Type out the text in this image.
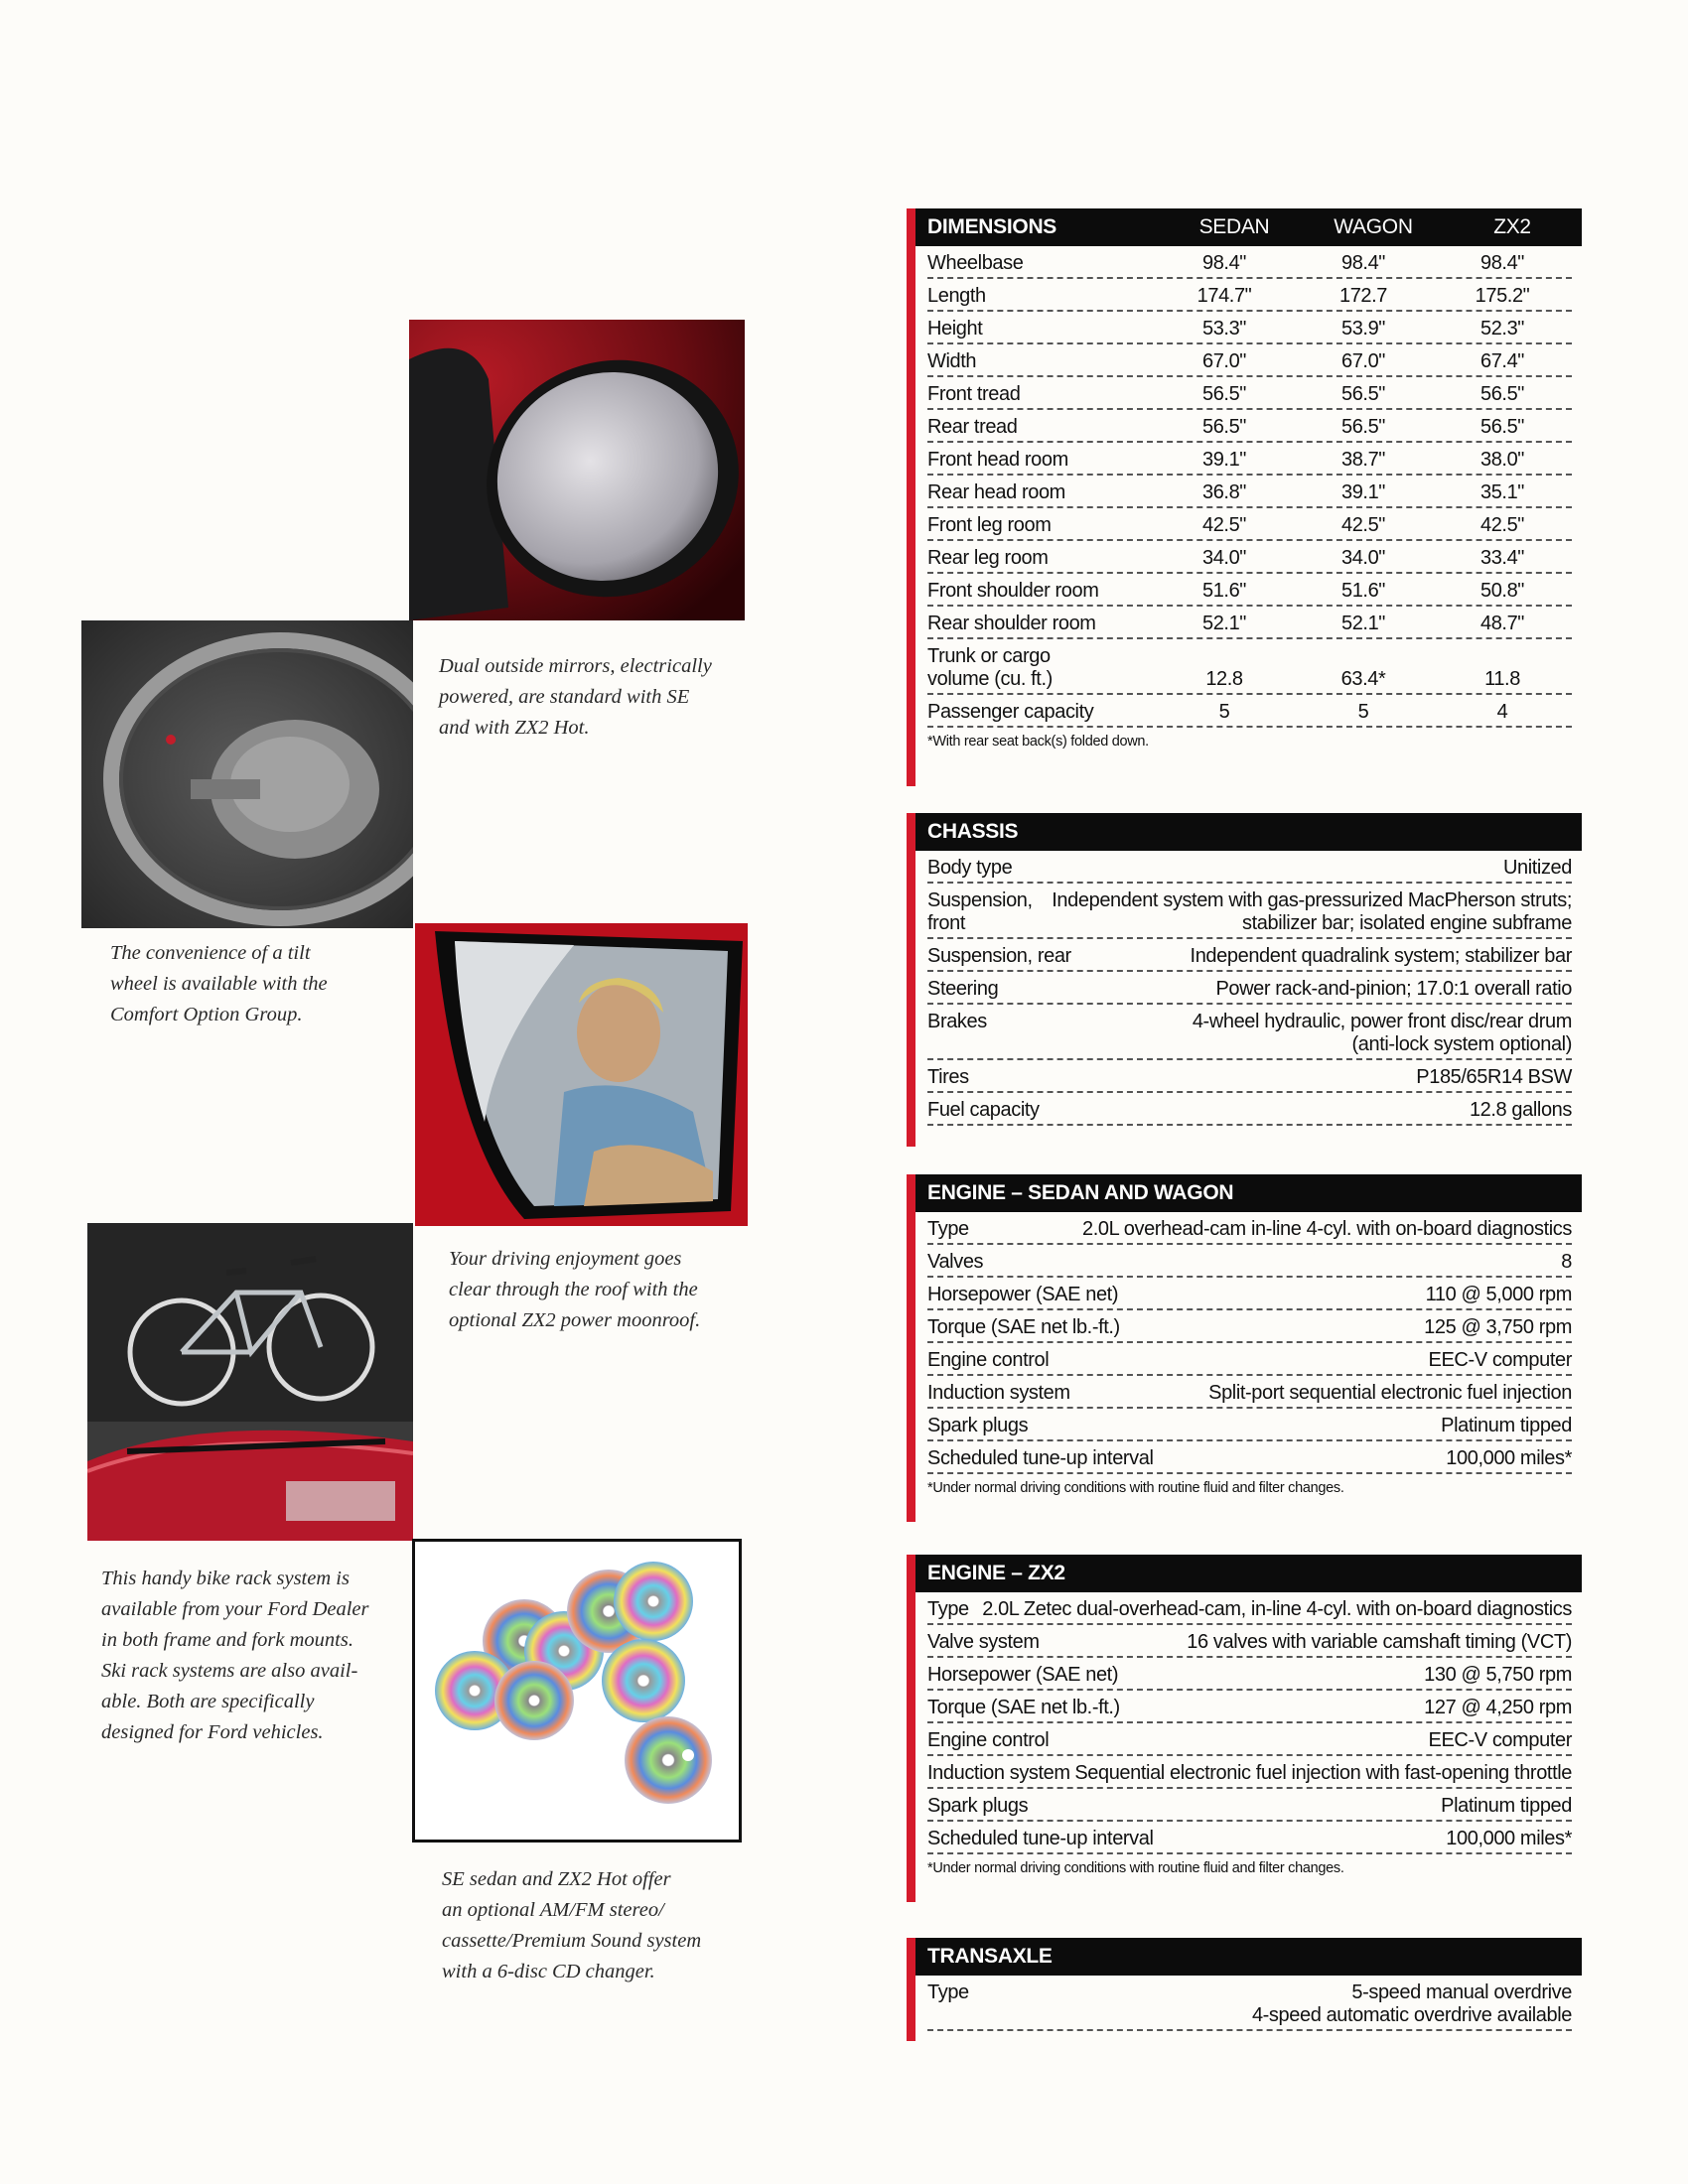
Dual outside mirrors, electrically
powered, are standard with SE
and with ZX2 Hot.
The convenience of a tilt
wheel is available with the
Comfort Option Group.
Your driving enjoyment goes
clear through the roof with the
optional ZX2 power moonroof.
This handy bike rack system is
available from your Ford Dealer
in both frame and fork mounts.
Ski rack systems are also avail-
able. Both are specifically
designed for Ford vehicles.
SE sedan and ZX2 Hot offer
an optional AM/FM stereo/
cassette/Premium Sound system
with a 6-disc CD changer.
DIMENSIONS	SEDAN	WAGON	ZX2
Wheelbase	98.4"	98.4"	98.4"
Length	174.7"	172.7	175.2"
Height	53.3"	53.9"	52.3"
Width	67.0"	67.0"	67.4"
Front tread	56.5"	56.5"	56.5"
Rear tread	56.5"	56.5"	56.5"
Front head room	39.1"	38.7"	38.0"
Rear head room	36.8"	39.1"	35.1"
Front leg room	42.5"	42.5"	42.5"
Rear leg room	34.0"	34.0"	33.4"
Front shoulder room	51.6"	51.6"	50.8"
Rear shoulder room	52.1"	52.1"	48.7"
Trunk or cargo
volume (cu. ft.)	12.8	63.4*	11.8
Passenger capacity	5	5	4
*With rear seat back(s) folded down.
CHASSIS
Body type	Unitized
Suspension, front
Independent system with gas-pressurized MacPherson struts;
stabilizer bar; isolated engine subframe
Suspension, rear	Independent quadralink system; stabilizer bar
Steering	Power rack-and-pinion; 17.0:1 overall ratio
Brakes	4-wheel hydraulic, power front disc/rear drum
(anti-lock system optional)
Tires	P185/65R14 BSW
Fuel capacity	12.8 gallons
ENGINE – SEDAN AND WAGON
Type	2.0L overhead-cam in-line 4-cyl. with on-board diagnostics
Valves	8
Horsepower (SAE net)	110 @ 5,000 rpm
Torque (SAE net lb.-ft.)	125 @ 3,750 rpm
Engine control	EEC-V computer
Induction system	Split-port sequential electronic fuel injection
Spark plugs	Platinum tipped
Scheduled tune-up interval	100,000 miles*
*Under normal driving conditions with routine fluid and filter changes.
ENGINE – ZX2
Type 2.0L Zetec dual-overhead-cam, in-line 4-cyl. with on-board diagnostics
Valve system	16 valves with variable camshaft timing (VCT)
Horsepower (SAE net)	130 @ 5,750 rpm
Torque (SAE net lb.-ft.)	127 @ 4,250 rpm
Engine control	EEC-V computer
Induction system Sequential electronic fuel injection with fast-opening throttle
Spark plugs	Platinum tipped
Scheduled tune-up interval	100,000 miles*
*Under normal driving conditions with routine fluid and filter changes.
TRANSAXLE
Type	5-speed manual overdrive
4-speed automatic overdrive available
